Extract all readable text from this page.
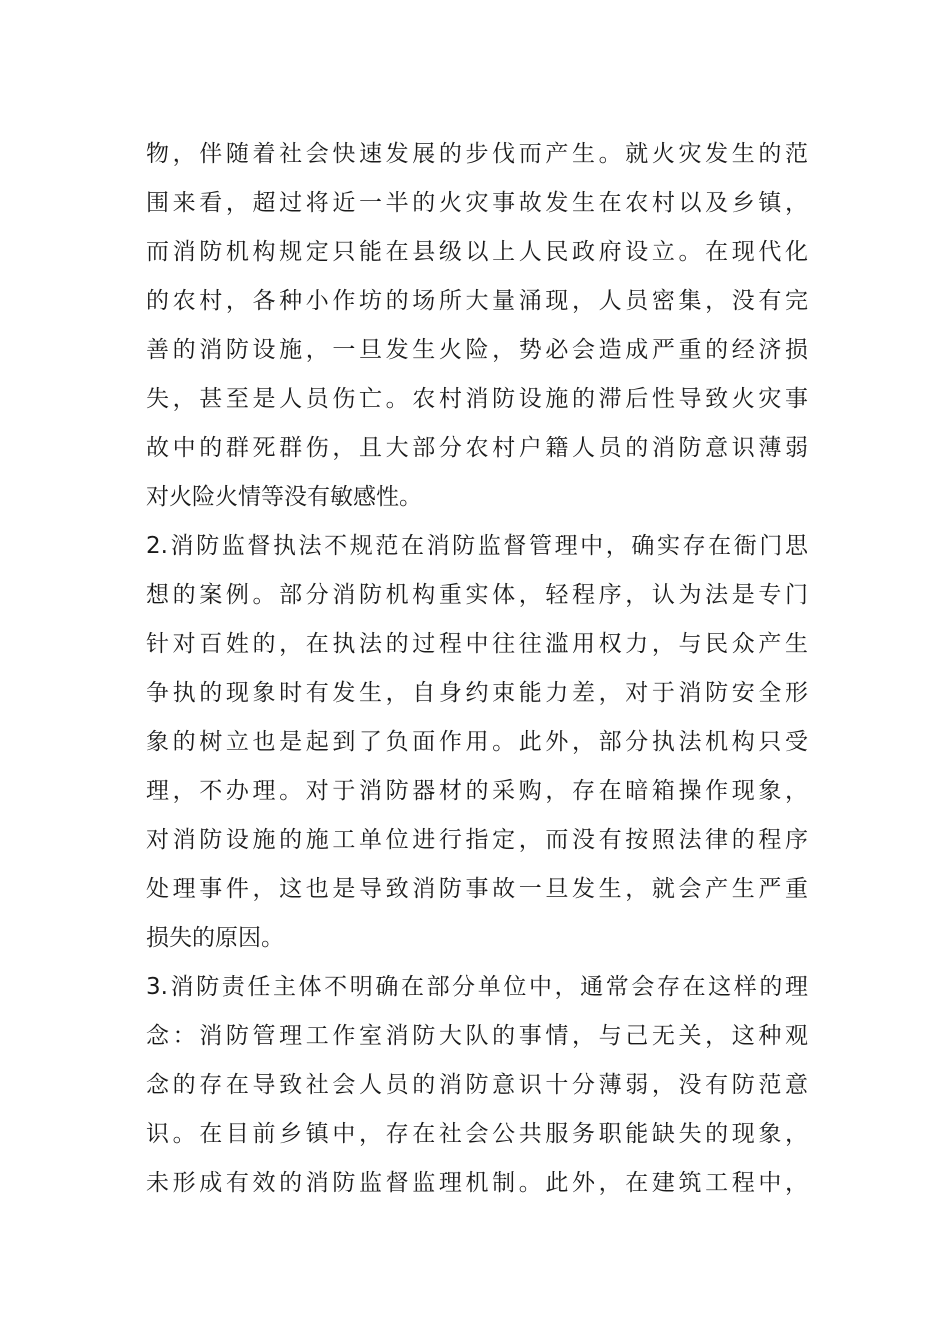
物，伴随着社会快速发展的步伐而产生。就火灾发生的范
围来看，超过将近一半的火灾事故发生在农村以及乡镇，
而消防机构规定只能在县级以上人民政府设立。在现代化
的农村，各种小作坊的场所大量涌现，人员密集，没有完
善的消防设施，一旦发生火险，势必会造成严重的经济损
失，甚至是人员伤亡。农村消防设施的滞后性导致火灾事
故中的群死群伤，且大部分农村户籍人员的消防意识薄弱
对火险火情等没有敏感性。
2.消防监督执法不规范在消防监督管理中，确实存在衙门思
想的案例。部分消防机构重实体，轻程序，认为法是专门
针对百姓的，在执法的过程中往往滥用权力，与民众产生
争执的现象时有发生，自身约束能力差，对于消防安全形
象的树立也是起到了负面作用。此外，部分执法机构只受
理，不办理。对于消防器材的采购，存在暗箱操作现象，
对消防设施的施工单位进行指定，而没有按照法律的程序
处理事件，这也是导致消防事故一旦发生，就会产生严重
损失的原因。
3.消防责任主体不明确在部分单位中，通常会存在这样的理
念：消防管理工作室消防大队的事情，与己无关，这种观
念的存在导致社会人员的消防意识十分薄弱，没有防范意
识。在目前乡镇中，存在社会公共服务职能缺失的现象，
未形成有效的消防监督监理机制。此外，在建筑工程中，
